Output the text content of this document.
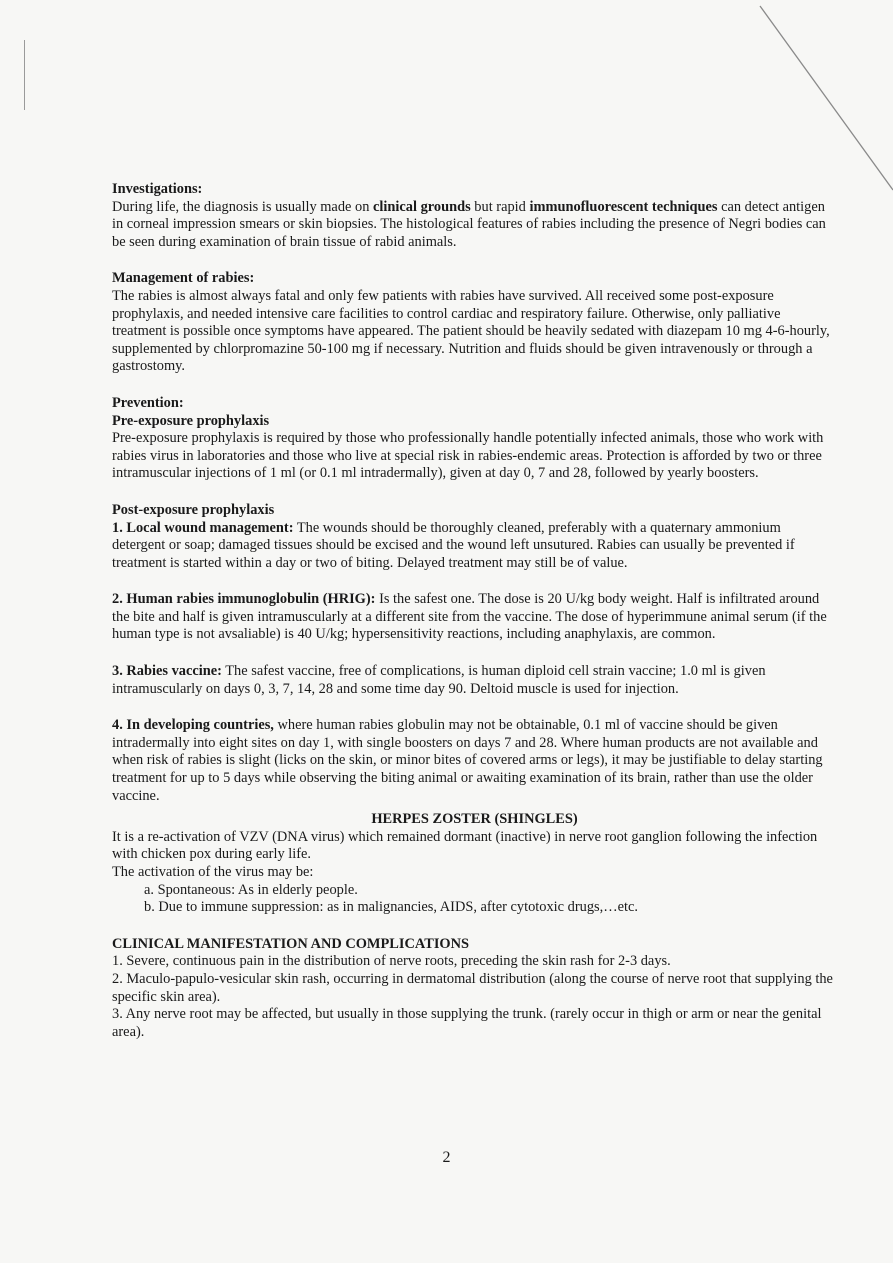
Investigations:

During life, the diagnosis is usually made on clinical grounds but rapid immunofluorescent techniques can detect antigen in corneal impression smears or skin biopsies. The histological features of rabies including the presence of Negri bodies can be seen during examination of brain tissue of rabid animals.

Management of rabies:

The rabies is almost always fatal and only few patients with rabies have survived. All received some post-exposure prophylaxis, and needed intensive care facilities to control cardiac and respiratory failure. Otherwise, only palliative treatment is possible once symptoms have appeared. The patient should be heavily sedated with diazepam 10 mg 4-6-hourly, supplemented by chlorpromazine 50-100 mg if necessary. Nutrition and fluids should be given intravenously or through a gastrostomy.

Prevention:

Pre-exposure prophylaxis

Pre-exposure prophylaxis is required by those who professionally handle potentially infected animals, those who work with rabies virus in laboratories and those who live at special risk in rabies-endemic areas. Protection is afforded by two or three intramuscular injections of 1 ml (or 0.1 ml intradermally), given at day 0, 7 and 28, followed by yearly boosters.

Post-exposure prophylaxis

1. Local wound management: The wounds should be thoroughly cleaned, preferably with a quaternary ammonium detergent or soap; damaged tissues should be excised and the wound left unsutured. Rabies can usually be prevented if treatment is started within a day or two of biting. Delayed treatment may still be of value.

2. Human rabies immunoglobulin (HRIG): Is the safest one. The dose is 20 U/kg body weight. Half is infiltrated around the bite and half is given intramuscularly at a different site from the vaccine. The dose of hyperimmune animal serum (if the human type is not avsaliable) is 40 U/kg; hypersensitivity reactions, including anaphylaxis, are common.

3. Rabies vaccine: The safest vaccine, free of complications, is human diploid cell strain vaccine; 1.0 ml is given intramuscularly on days 0, 3, 7, 14, 28 and some time day 90. Deltoid muscle is used for injection.

4. In developing countries, where human rabies globulin may not be obtainable, 0.1 ml of vaccine should be given intradermally into eight sites on day 1, with single boosters on days 7 and 28. Where human products are not available and when risk of rabies is slight (licks on the skin, or minor bites of covered arms or legs), it may be justifiable to delay starting treatment for up to 5 days while observing the biting animal or awaiting examination of its brain, rather than use the older vaccine.

HERPES ZOSTER (SHINGLES)

It is a re-activation of VZV (DNA virus) which remained dormant (inactive) in nerve root ganglion following the infection with chicken pox during early life.

The activation of the virus may be:

a. Spontaneous: As in elderly people.

b. Due to immune suppression: as in malignancies, AIDS, after cytotoxic drugs,…etc.

CLINICAL MANIFESTATION AND COMPLICATIONS

1. Severe, continuous pain in the distribution of nerve roots, preceding the skin rash for 2-3 days.

2. Maculo-papulo-vesicular skin rash, occurring in dermatomal distribution (along the course of nerve root that supplying the specific skin area).

3. Any nerve root may be affected, but usually in those supplying the trunk. (rarely occur in thigh or arm or near the genital area).

2
